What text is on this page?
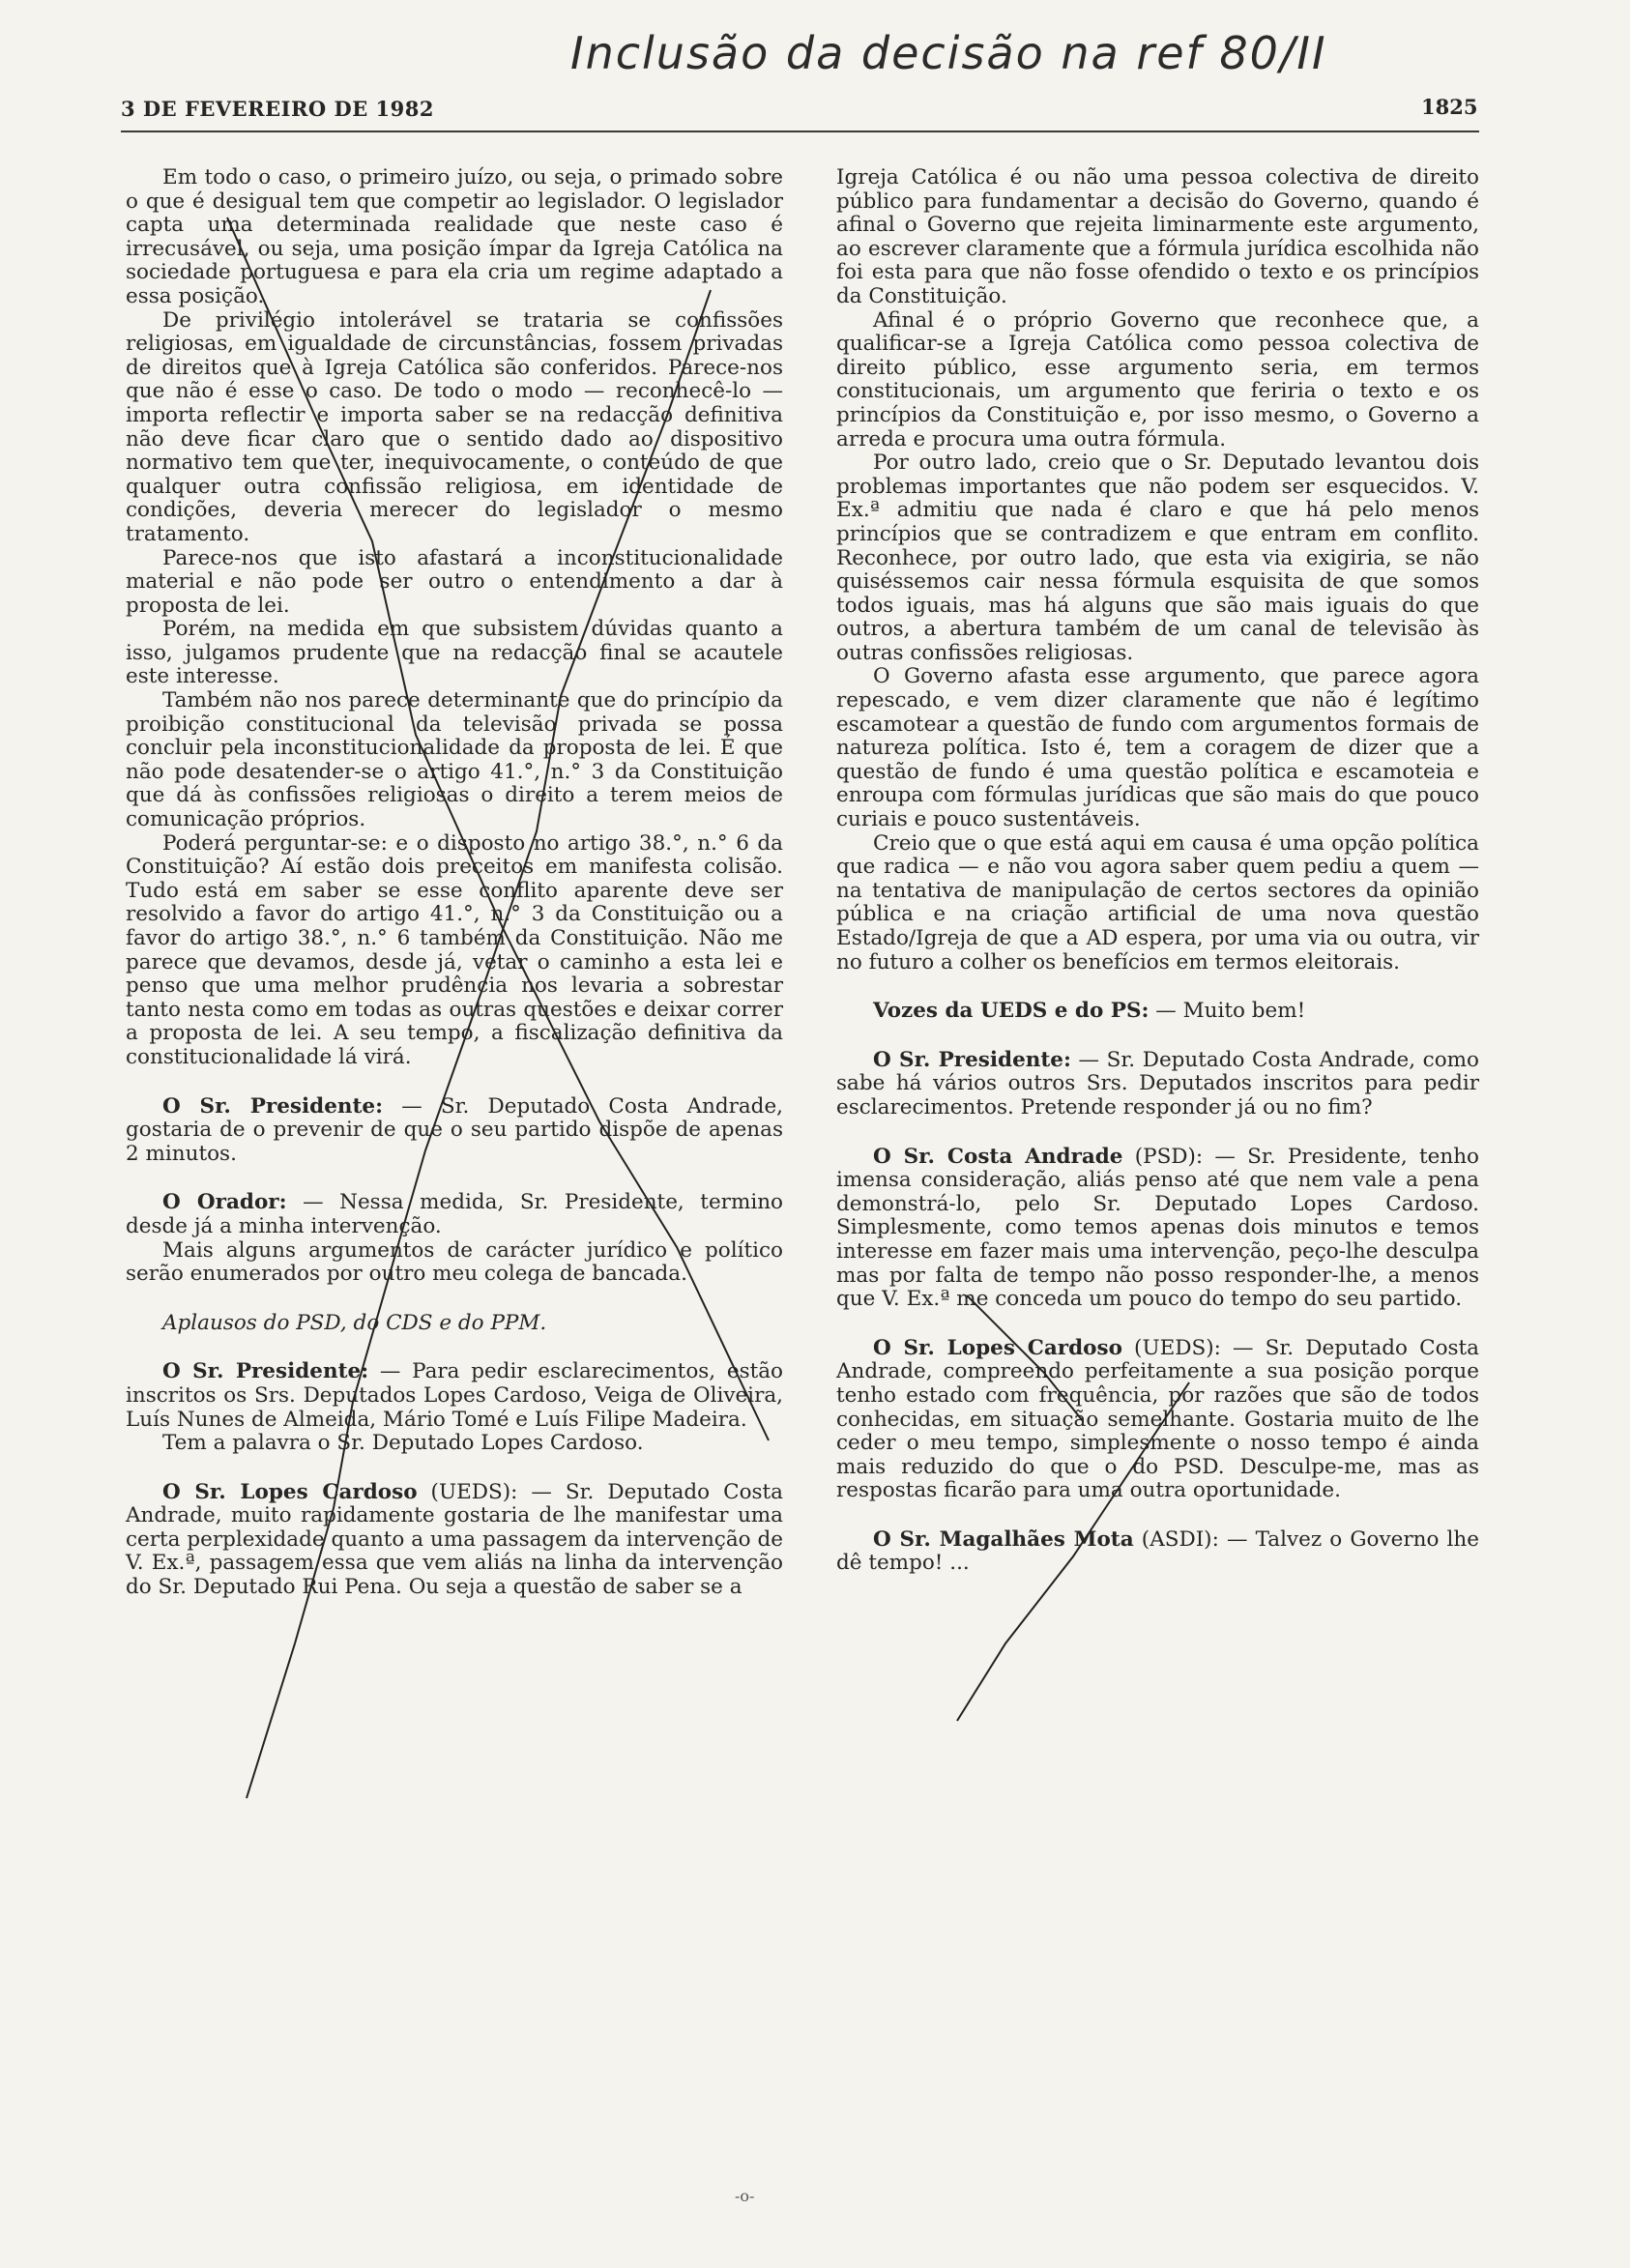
Inclusão da decisão na ref 80/II
3 DE FEVEREIRO DE 1982	1825

Em todo o caso, o primeiro juízo, ou seja, o primado sobre o que é desigual tem que competir ao legislador. O legislador capta uma determinada realidade que neste caso é irrecusável, ou seja, uma posição ímpar da Igreja Católica na sociedade portuguesa e para ela cria um regime adaptado a essa posição.

De privilégio intolerável se trataria se confissões religiosas, em igualdade de circunstâncias, fossem privadas de direitos que à Igreja Católica são conferidos. Parece-nos que não é esse o caso. De todo o modo — reconhecê-lo — importa reflectir e importa saber se na redacção definitiva não deve ficar claro que o sentido dado ao dispositivo normativo tem que ter, inequivocamente, o conteúdo de que qualquer outra confissão religiosa, em identidade de condições, deveria merecer do legislador o mesmo tratamento.

Parece-nos que isto afastará a inconstitucionalidade material e não pode ser outro o entendimento a dar à proposta de lei.

Porém, na medida em que subsistem dúvidas quanto a isso, julgamos prudente que na redacção final se acautele este interesse.

Também não nos parece determinante que do princípio da proibição constitucional da televisão privada se possa concluir pela inconstitucionalidade da proposta de lei. É que não pode desatender-se o artigo 41.°, n.° 3 da Constituição que dá às confissões religiosas o direito a terem meios de comunicação próprios.

Poderá perguntar-se: e o disposto no artigo 38.°, n.° 6 da Constituição? Aí estão dois preceitos em manifesta colisão. Tudo está em saber se esse conflito aparente deve ser resolvido a favor do artigo 41.°, n.° 3 da Constituição ou a favor do artigo 38.°, n.° 6 também da Constituição. Não me parece que devamos, desde já, vetar o caminho a esta lei e penso que uma melhor prudência nos levaria a sobrestar tanto nesta como em todas as outras questões e deixar correr a proposta de lei. A seu tempo, a fiscalização definitiva da constitucionalidade lá virá.

O Sr. Presidente: — Sr. Deputado Costa Andrade, gostaria de o prevenir de que o seu partido dispõe de apenas 2 minutos.

O Orador: — Nessa medida, Sr. Presidente, termino desde já a minha intervenção.

Mais alguns argumentos de carácter jurídico e político serão enumerados por outro meu colega de bancada.

Aplausos do PSD, do CDS e do PPM.

O Sr. Presidente: — Para pedir esclarecimentos, estão inscritos os Srs. Deputados Lopes Cardoso, Veiga de Oliveira, Luís Nunes de Almeida, Mário Tomé e Luís Filipe Madeira.

Tem a palavra o Sr. Deputado Lopes Cardoso.

O Sr. Lopes Cardoso (UEDS): — Sr. Deputado Costa Andrade, muito rapidamente gostaria de lhe manifestar uma certa perplexidade quanto a uma passagem da intervenção de V. Ex.ª, passagem essa que vem aliás na linha da intervenção do Sr. Deputado Rui Pena. Ou seja a questão de saber se a

Igreja Católica é ou não uma pessoa colectiva de direito público para fundamentar a decisão do Governo, quando é afinal o Governo que rejeita liminarmente este argumento, ao escrever claramente que a fórmula jurídica escolhida não foi esta para que não fosse ofendido o texto e os princípios da Constituição.

Afinal é o próprio Governo que reconhece que, a qualificar-se a Igreja Católica como pessoa colectiva de direito público, esse argumento seria, em termos constitucionais, um argumento que feriria o texto e os princípios da Constituição e, por isso mesmo, o Governo a arreda e procura uma outra fórmula.

Por outro lado, creio que o Sr. Deputado levantou dois problemas importantes que não podem ser esquecidos. V. Ex.ª admitiu que nada é claro e que há pelo menos princípios que se contradizem e que entram em conflito. Reconhece, por outro lado, que esta via exigiria, se não quiséssemos cair nessa fórmula esquisita de que somos todos iguais, mas há alguns que são mais iguais do que outros, a abertura também de um canal de televisão às outras confissões religiosas.

O Governo afasta esse argumento, que parece agora repescado, e vem dizer claramente que não é legítimo escamotear a questão de fundo com argumentos formais de natureza política. Isto é, tem a coragem de dizer que a questão de fundo é uma questão política e escamoteia e enroupa com fórmulas jurídicas que são mais do que pouco curiais e pouco sustentáveis.

Creio que o que está aqui em causa é uma opção política que radica — e não vou agora saber quem pediu a quem — na tentativa de manipulação de certos sectores da opinião pública e na criação artificial de uma nova questão Estado/Igreja de que a AD espera, por uma via ou outra, vir no futuro a colher os benefícios em termos eleitorais.

Vozes da UEDS e do PS: — Muito bem!

O Sr. Presidente: — Sr. Deputado Costa Andrade, como sabe há vários outros Srs. Deputados inscritos para pedir esclarecimentos. Pretende responder já ou no fim?

O Sr. Costa Andrade (PSD): — Sr. Presidente, tenho imensa consideração, aliás penso até que nem vale a pena demonstrá-lo, pelo Sr. Deputado Lopes Cardoso. Simplesmente, como temos apenas dois minutos e temos interesse em fazer mais uma intervenção, peço-lhe desculpa mas por falta de tempo não posso responder-lhe, a menos que V. Ex.ª me conceda um pouco do tempo do seu partido.

O Sr. Lopes Cardoso (UEDS): — Sr. Deputado Costa Andrade, compreendo perfeitamente a sua posição porque tenho estado com frequência, por razões que são de todos conhecidas, em situação semelhante. Gostaria muito de lhe ceder o meu tempo, simplesmente o nosso tempo é ainda mais reduzido do que o do PSD. Desculpe-me, mas as respostas ficarão para uma outra oportunidade.

O Sr. Magalhães Mota (ASDI): — Talvez o Governo lhe dê tempo! ...

-o-
